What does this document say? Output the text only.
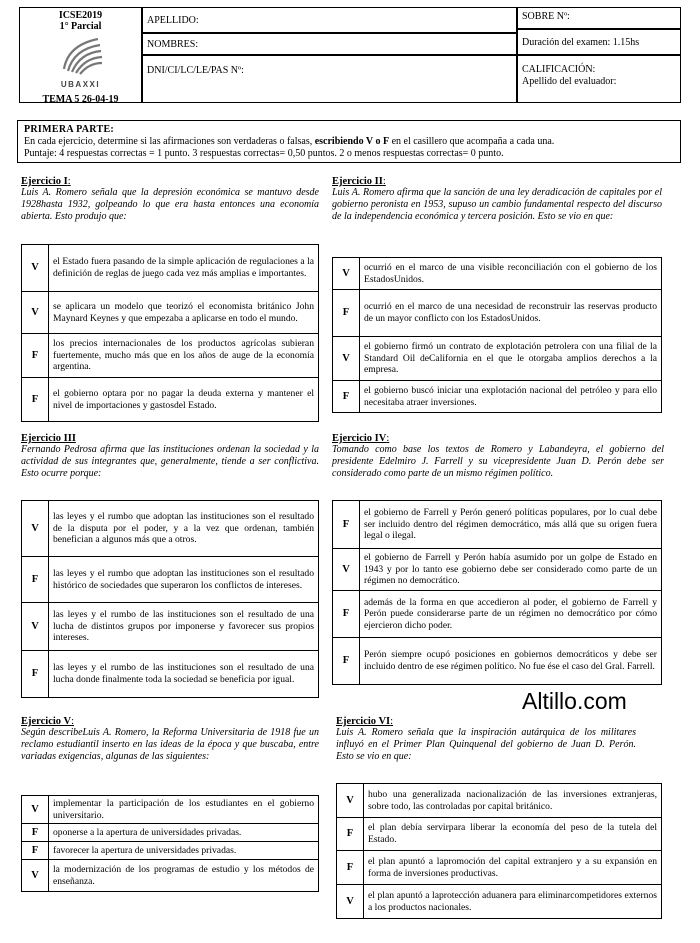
ICSE2019
1° Parcial
UBAXXI
TEMA 5 26-04-19
APELLIDO:
NOMBRES:
DNI/CI/LC/LE/PAS Nº:
SOBRE Nº:
Duración del examen: 1.15hs
CALIFICACIÓN:
Apellido del evaluador:
PRIMERA PARTE:
En cada ejercicio, determine si las afirmaciones son verdaderas o falsas, escribiendo V o F en el casillero que acompaña a cada una.
Puntaje: 4 respuestas correctas = 1 punto. 3 respuestas correctas= 0,50 puntos. 2 o menos respuestas correctas= 0 punto.
Ejercicio I:
Luis A. Romero señala que la depresión económica se mantuvo desde 1928hasta 1932, golpeando lo que era hasta entonces una economía abierta. Esto produjo que:
V	el Estado fuera pasando de la simple aplicación de regulaciones a la definición de reglas de juego cada vez más amplias e importantes.
V	se aplicara un modelo que teorizó el economista británico John Maynard Keynes y que empezaba a aplicarse en todo el mundo.
F	los precios internacionales de los productos agrícolas subieran fuertemente, mucho más que en los años de auge de la economía argentina.
F	el gobierno optara por no pagar la deuda externa y mantener el nivel de importaciones y gastosdel Estado.
Ejercicio II:
Luis A. Romero afirma que la sanción de una ley deradicación de capitales por el gobierno peronista en 1953, supuso un cambio fundamental respecto del discurso de la independencia económica y tercera posición. Esto se vio en que:
V	ocurrió en el marco de una visible reconciliación con el gobierno de los EstadosUnidos.
F	ocurrió en el marco de una necesidad de reconstruir las reservas producto de un mayor conflicto con los EstadosUnidos.
V	el gobierno firmó un contrato de explotación petrolera con una filial de la Standard Oil deCalifornia en el que le otorgaba amplios derechos a la empresa.
F	el gobierno buscó iniciar una explotación nacional del petróleo y para ello necesitaba atraer inversiones.
Ejercicio III
Fernando Pedrosa afirma que las instituciones ordenan la sociedad y la actividad de sus integrantes que, generalmente, tiende a ser conflictiva. Esto ocurre porque:
V	las leyes y el rumbo que adoptan las instituciones son el resultado de la disputa por el poder, y a la vez que ordenan, también benefician a algunos más que a otros.
F	las leyes y el rumbo que adoptan las instituciones son el resultado histórico de sociedades que superaron los conflictos de intereses.
V	las leyes y el rumbo de las instituciones son el resultado de una lucha de distintos grupos por imponerse y favorecer sus propios intereses.
F	las leyes y el rumbo de las instituciones son el resultado de una lucha donde finalmente toda la sociedad se beneficia por igual.
Ejercicio IV:
Tomando como base los textos de Romero y Labandeyra, el gobierno del presidente Edelmiro J. Farrell y su vicepresidente Juan D. Perón debe ser considerado como parte de un mismo régimen político.
F	el gobierno de Farrell y Perón generó políticas populares, por lo cual debe ser incluido dentro del régimen democrático, más allá que su origen fuera legal o ilegal.
V	el gobierno de Farrell y Perón había asumido por un golpe de Estado en 1943 y por lo tanto ese gobierno debe ser considerado como parte de un régimen no democrático.
F	además de la forma en que accedieron al poder, el gobierno de Farrell y Perón puede considerarse parte de un régimen no democrático por cómo ejercieron dicho poder.
F	Perón siempre ocupó posiciones en gobiernos democráticos y debe ser incluido dentro de ese régimen político. No fue ése el caso del Gral. Farrell.
Altillo.com
Ejercicio V:
Según describeLuis A. Romero, la Reforma Universitaria de 1918 fue un reclamo estudiantil inserto en las ideas de la época y que buscaba, entre variadas exigencias, algunas de las siguientes:
V	implementar la participación de los estudiantes en el gobierno universitario.
F	oponerse a la apertura de universidades privadas.
F	favorecer la apertura de universidades privadas.
V	la modernización de los programas de estudio y los métodos de enseñanza.
Ejercicio VI:
Luis A. Romero señala que la inspiración autárquica de los militares influyó en el Primer Plan Quinquenal del gobierno de Juan D. Perón. Esto se vio en que:
V	hubo una generalizada nacionalización de las inversiones extranjeras, sobre todo, las controladas por capital británico.
F	el plan debía servirpara liberar la economía del peso de la tutela del Estado.
F	el plan apuntó a lapromoción del capital extranjero y a su expansión en forma de inversiones productivas.
V	el plan apuntó a laprotección aduanera para eliminarcompetidores externos a los productos nacionales.
